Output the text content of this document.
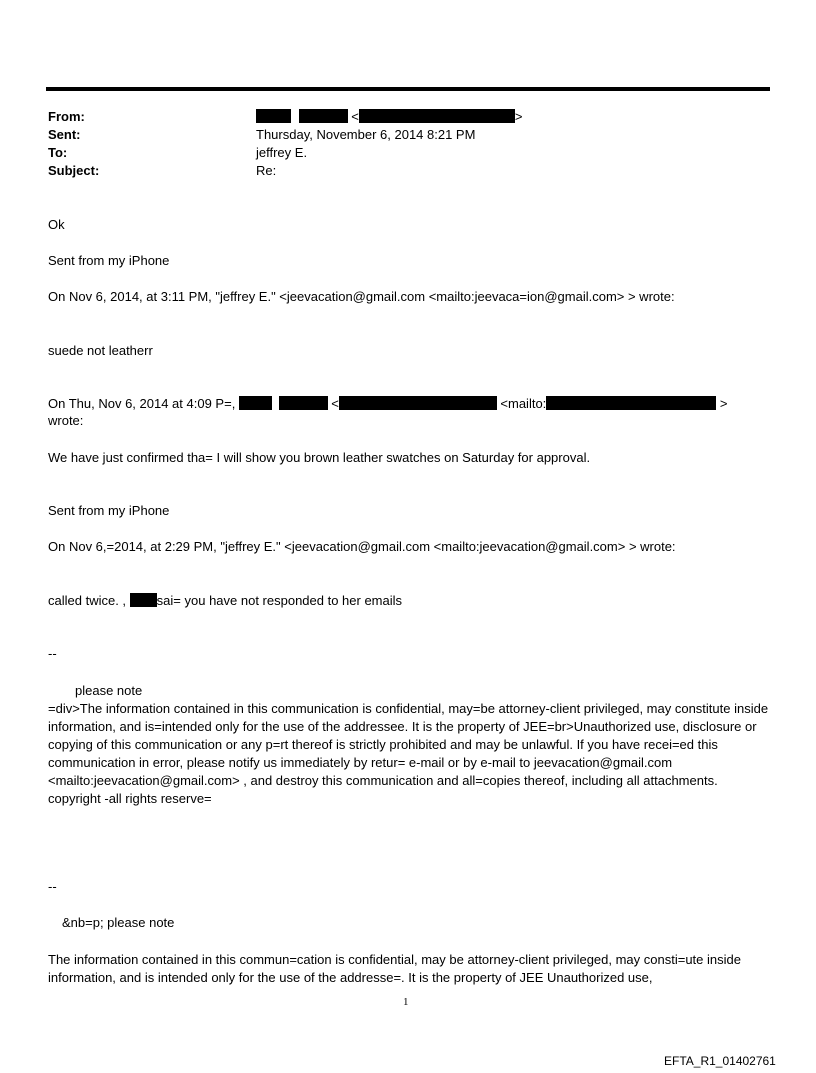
From:	<	>
Sent:	Thursday, November 6, 2014 8:21 PM
To:	jeffrey E.
Subject:	Re:
Ok
Sent from my iPhone
On Nov 6, 2014, at 3:11 PM, "jeffrey E." <jeevacation@gmail.com <mailto:jeevaca=ion@gmail.com> > wrote:
suede not leatherr
On Thu, Nov 6, 2014 at 4:09 P=,	<	<mailto:	>
wrote:
We have just confirmed tha= I will show you brown leather swatches on Saturday for approval.
Sent from my iPhone
On Nov 6,=2014, at 2:29 PM, "jeffrey E." <jeevacation@gmail.com <mailto:jeevacation@gmail.com> > wrote:
called twice. , sai= you have not responded to her emails
--
please note
=div>The information contained in this communication is confidential, may=be attorney-client privileged, may constitute inside information, and is=intended only for the use of the addressee. It is the property of JEE=br>Unauthorized use, disclosure or copying of this communication or any p=rt thereof is strictly prohibited and may be unlawful. If you have recei=ed this communication in error, please notify us immediately by retur= e-mail or by e-mail to jeevacation@gmail.com <mailto:jeevacation@gmail.com> , and destroy this communication and all=copies thereof, including all attachments. copyright -all rights reserve=
--
&nb=p; please note
The information contained in this commun=cation is confidential, may be attorney-client privileged, may consti=ute inside information, and is intended only for the use of the addresse=. It is the property of JEE Unauthorized use,
1
EFTA_R1_01402761
